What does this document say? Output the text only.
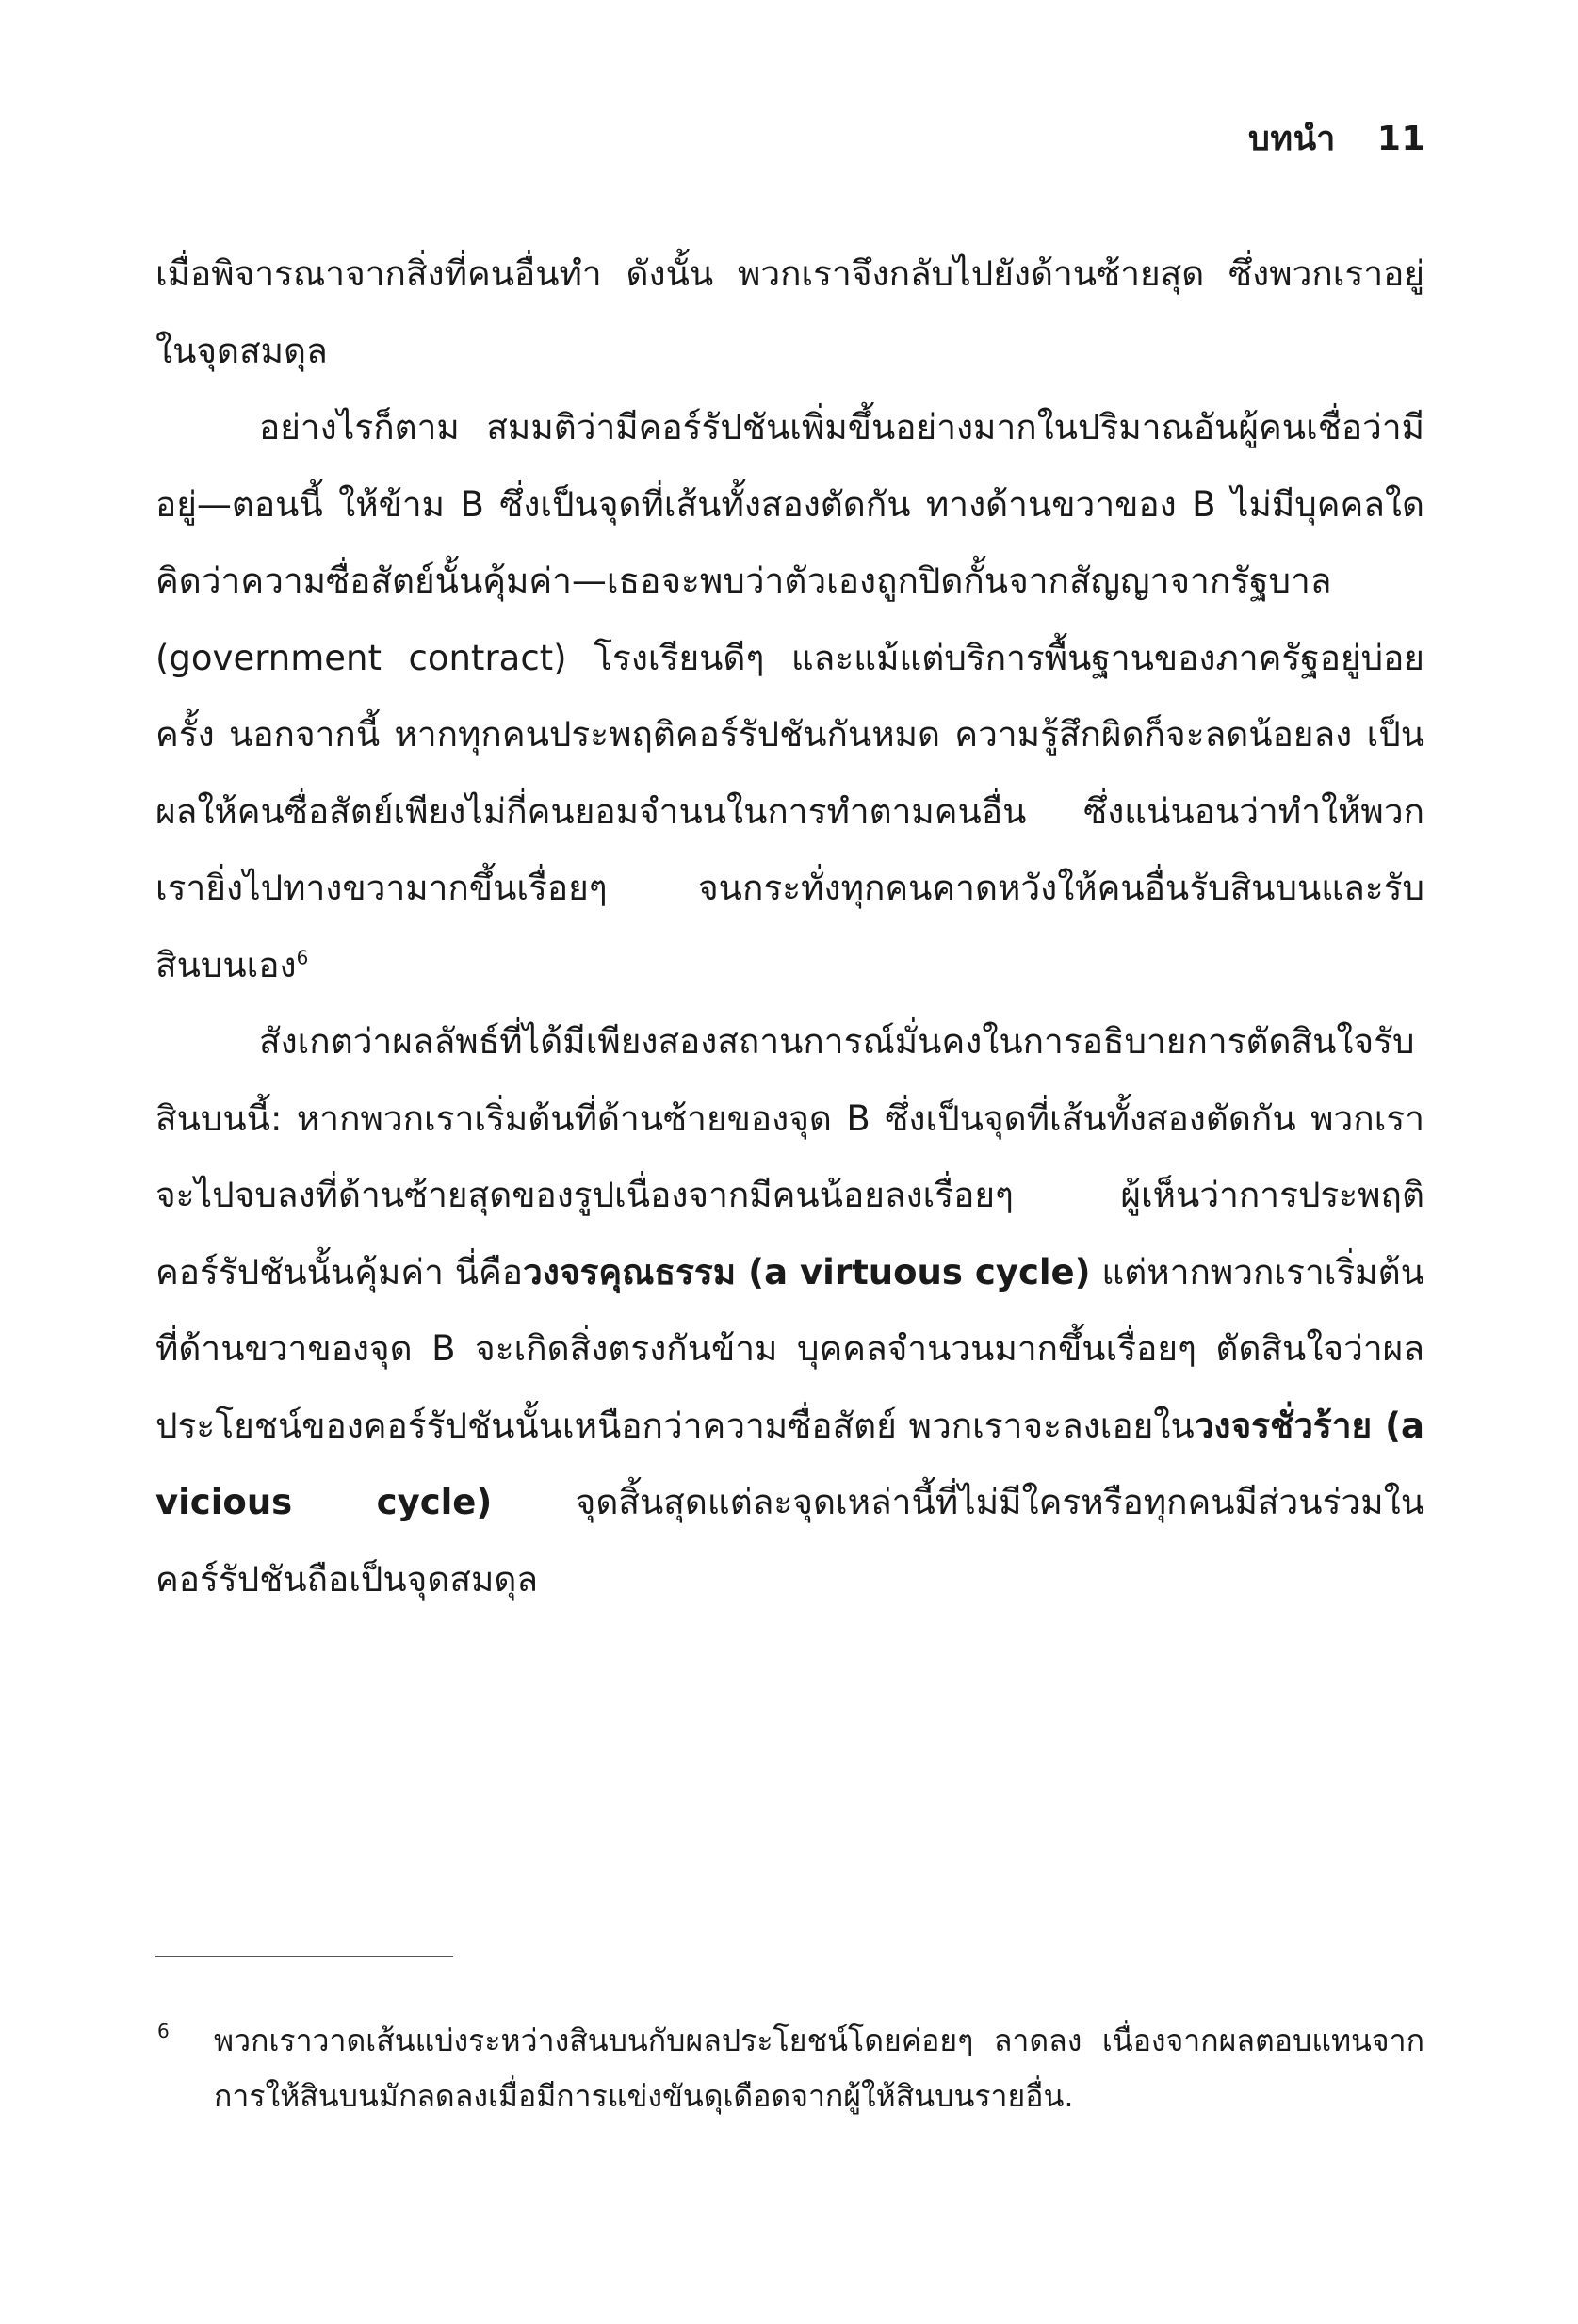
บทนำ 11

เมื่อพิจารณาจากสิ่งที่คนอื่นทำ ดังนั้น พวกเราจึงกลับไปยังด้านซ้ายสุด ซึ่งพวกเราอยู่ในจุดสมดุล

อย่างไรก็ตาม สมมติว่ามีคอร์รัปชันเพิ่มขึ้นอย่างมากในปริมาณอันผู้คนเชื่อว่ามีอยู่—ตอนนี้ ให้ข้าม B ซึ่งเป็นจุดที่เส้นทั้งสองตัดกัน ทางด้านขวาของ B ไม่มีบุคคลใดคิดว่าความซื่อสัตย์นั้นคุ้มค่า—เธอจะพบว่าตัวเองถูกปิดกั้นจากสัญญาจากรัฐบาล (government contract) โรงเรียนดีๆ และแม้แต่บริการพื้นฐานของภาครัฐอยู่บ่อยครั้ง นอกจากนี้ หากทุกคนประพฤติคอร์รัปชันกันหมด ความรู้สึกผิดก็จะลดน้อยลง เป็นผลให้คนซื่อสัตย์เพียงไม่กี่คนยอมจำนนในการทำตามคนอื่น ซึ่งแน่นอนว่าทำให้พวกเรายิ่งไปทางขวามากขึ้นเรื่อยๆ จนกระทั่งทุกคนคาดหวังให้คนอื่นรับสินบนและรับสินบนเอง$^6$

สังเกตว่าผลลัพธ์ที่ได้มีเพียงสองสถานการณ์มั่นคงในการอธิบายการตัดสินใจรับสินบนนี้: หากพวกเราเริ่มต้นที่ด้านซ้ายของจุด B ซึ่งเป็นจุดที่เส้นทั้งสองตัดกัน พวกเราจะไปจบลงที่ด้านซ้ายสุดของรูปเนื่องจากมีคนน้อยลงเรื่อยๆ ผู้เห็นว่าการประพฤติคอร์รัปชันนั้นคุ้มค่า นี่คือวงจรคุณธรรม (a virtuous cycle) แต่หากพวกเราเริ่มต้นที่ด้านขวาของจุด B จะเกิดสิ่งตรงกันข้าม บุคคลจำนวนมากขึ้นเรื่อยๆ ตัดสินใจว่าผลประโยชน์ของคอร์รัปชันนั้นเหนือกว่าความซื่อสัตย์ พวกเราจะลงเอยในวงจรชั่วร้าย (a vicious cycle) จุดสิ้นสุดแต่ละจุดเหล่านี้ที่ไม่มีใครหรือทุกคนมีส่วนร่วมในคอร์รัปชันถือเป็นจุดสมดุล

6 พวกเราวาดเส้นแบ่งระหว่างสินบนกับผลประโยชน์โดยค่อยๆ ลาดลง เนื่องจากผลตอบแทนจากการให้สินบนมักลดลงเมื่อมีการแข่งขันดุเดือดจากผู้ให้สินบนรายอื่น.
